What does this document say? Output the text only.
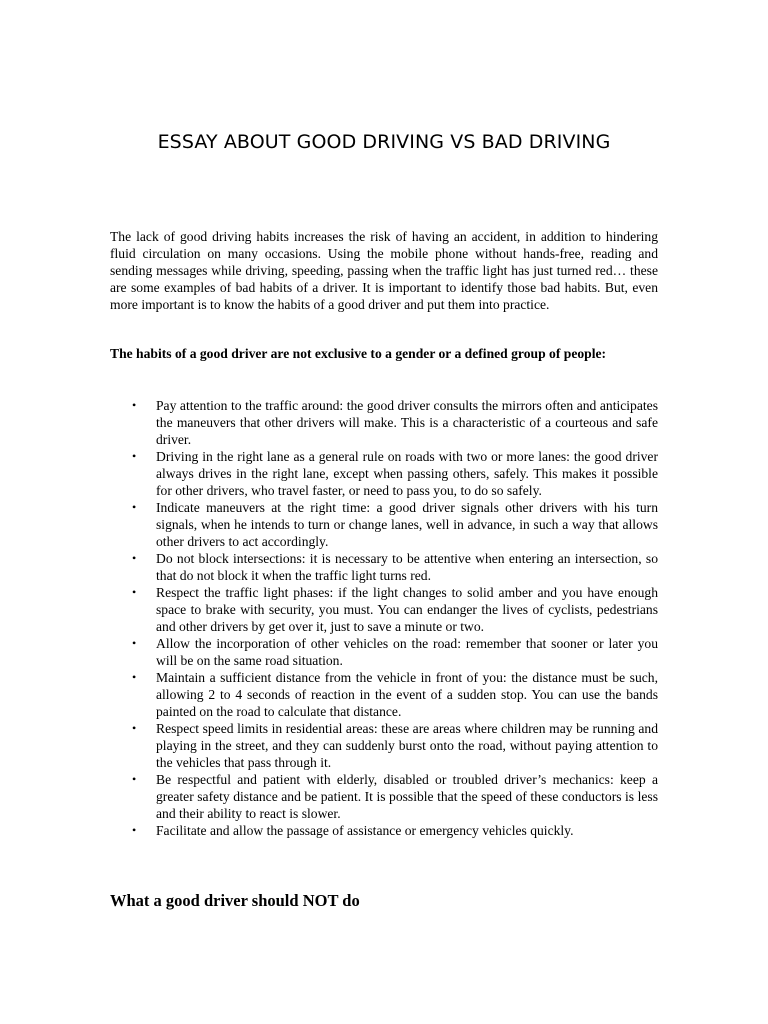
ESSAY ABOUT GOOD DRIVING VS BAD DRIVING

The lack of good driving habits increases the risk of having an accident, in addition to hindering fluid circulation on many occasions. Using the mobile phone without hands-free, reading and sending messages while driving, speeding, passing when the traffic light has just turned red… these are some examples of bad habits of a driver. It is important to identify those bad habits. But, even more important is to know the habits of a good driver and put them into practice.

The habits of a good driver are not exclusive to a gender or a defined group of people:

• Pay attention to the traffic around: the good driver consults the mirrors often and anticipates the maneuvers that other drivers will make. This is a characteristic of a courteous and safe driver.
• Driving in the right lane as a general rule on roads with two or more lanes: the good driver always drives in the right lane, except when passing others, safely. This makes it possible for other drivers, who travel faster, or need to pass you, to do so safely.
• Indicate maneuvers at the right time: a good driver signals other drivers with his turn signals, when he intends to turn or change lanes, well in advance, in such a way that allows other drivers to act accordingly.
• Do not block intersections: it is necessary to be attentive when entering an intersection, so that do not block it when the traffic light turns red.
• Respect the traffic light phases: if the light changes to solid amber and you have enough space to brake with security, you must. You can endanger the lives of cyclists, pedestrians and other drivers by get over it, just to save a minute or two.
• Allow the incorporation of other vehicles on the road: remember that sooner or later you will be on the same road situation.
• Maintain a sufficient distance from the vehicle in front of you: the distance must be such, allowing 2 to 4 seconds of reaction in the event of a sudden stop. You can use the bands painted on the road to calculate that distance.
• Respect speed limits in residential areas: these are areas where children may be running and playing in the street, and they can suddenly burst onto the road, without paying attention to the vehicles that pass through it.
• Be respectful and patient with elderly, disabled or troubled driver’s mechanics: keep a greater safety distance and be patient. It is possible that the speed of these conductors is less and their ability to react is slower.
• Facilitate and allow the passage of assistance or emergency vehicles quickly.
What a good driver should NOT do
